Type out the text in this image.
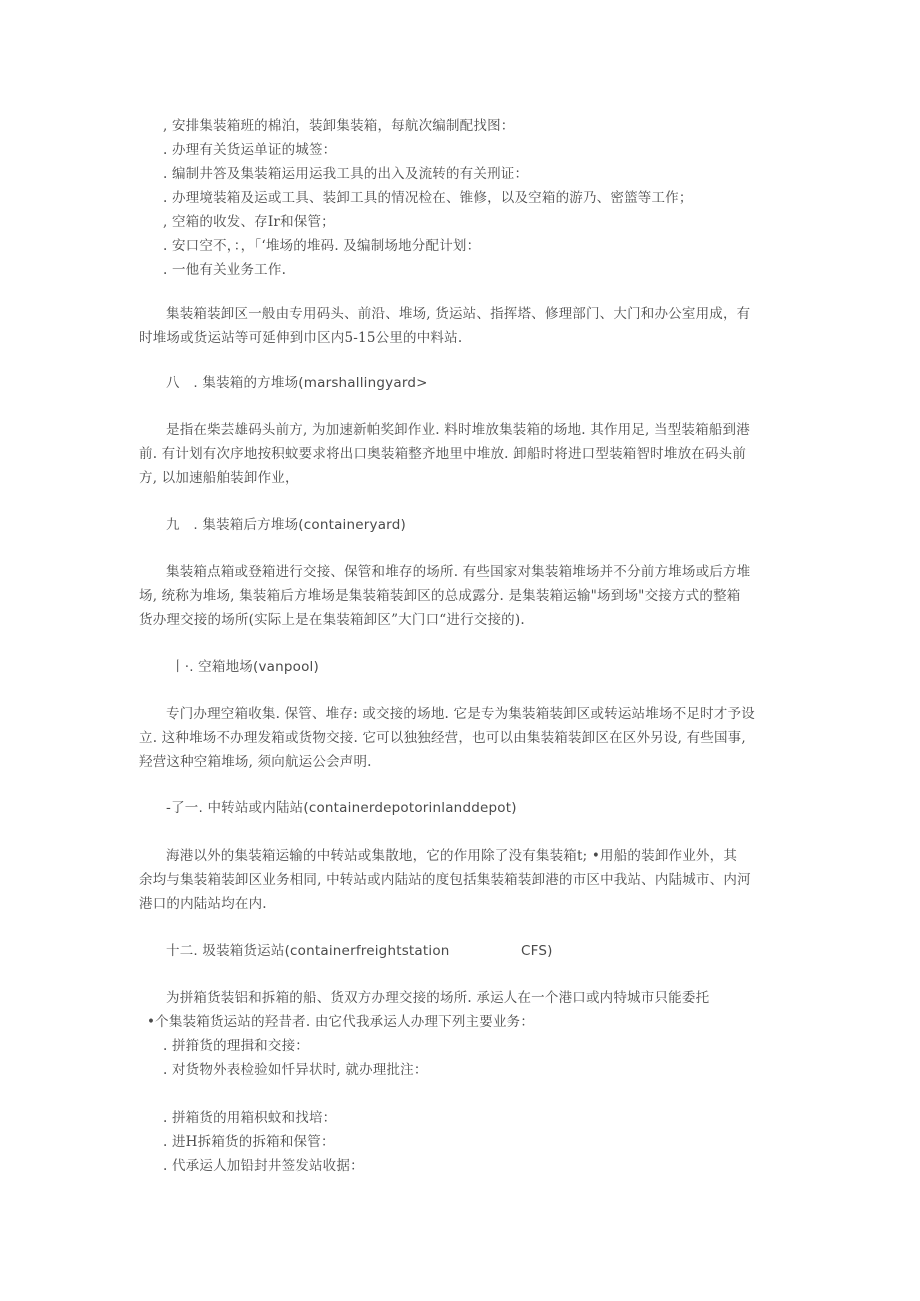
, 安排集装箱班的棉泊，装卸集装箱，每航次编制配找图：
. 办理有关货运单证的城签：
. 编制井答及集装箱运用运我工具的出入及流转的有关刑证：
. 办理境装箱及运或工具、装卸工具的情况检在、锥修，以及空箱的游乃、密篮等工作；
, 空箱的收发、存Ir和保管；
. 安口空不，：，「‘堆场的堆码. 及编制场地分配计划：
. 一他有关业务工作.
集装箱装卸区一般由专用码头、前沿、堆场, 货运站、指挥塔、修理部门、大门和办公室用成，有
时堆场或货运站等可延伸到巾区内5-15公里的中料站.
八　. 集装箱的方堆场(marshallingyard>
是指在柴芸雄码头前方, 为加速新帕奖卸作业. 料时堆放集装箱的场地. 其作用足, 当型装箱船到港
前. 有计划有次序地按积蚊要求将出口奥装箱整齐地里中堆放. 卸船时将进口型装箱智时堆放在码头前
方, 以加速船舶装卸作业，
九　. 集装箱后方堆场(containeryard)
集装箱点箱或登箱进行交接、保管和堆存的场所. 有些国家对集装箱堆场并不分前方堆场或后方堆
场, 统称为堆场, 集装箱后方堆场是集装箱装卸区的总成露分. 是集装箱运输"场到场"交接方式的整箱
货办理交接的场所(实际上是在集装箱卸区”大门口“进行交接的).
丨·. 空箱地场(vanpool)
专门办理空箱收集. 保管、堆存: 或交接的场地. 它是专为集装箱装卸区或转运站堆场不足时才予设
立. 这种堆场不办理发箱或货物交接. 它可以独独经营，也可以由集装箱装卸区在区外另设, 有些国事,
羟营这种空箱堆场, 须向航运公会声明.
-了一. 中转站或内陆站(containerdepotorinlanddepot)
海港以外的集装箱运输的中转站或集散地，它的作用除了没有集装箱t; •用船的装卸作业外，其
余均与集装箱装卸区业务相同, 中转站或内陆站的度包括集装箱装卸港的市区中我站、内陆城市、内河
港口的内陆站均在内.
十二. 圾装箱货运站(containerfreightstation	CFS)
为拼箱货装铝和拆箱的船、货双方办理交接的场所. 承运人在一个港口或内特城市只能委托
•个集装箱货运站的羟昔者. 由它代我承运人办理下列主要业务：
. 拼箝货的理揖和交接：
. 对货物外表检验如忏异状时, 就办理批注：
. 拼箱货的用箱枳蚊和找培：
. 进H拆箱货的拆箱和保管：
. 代承运人加铅封井签发站收据：
